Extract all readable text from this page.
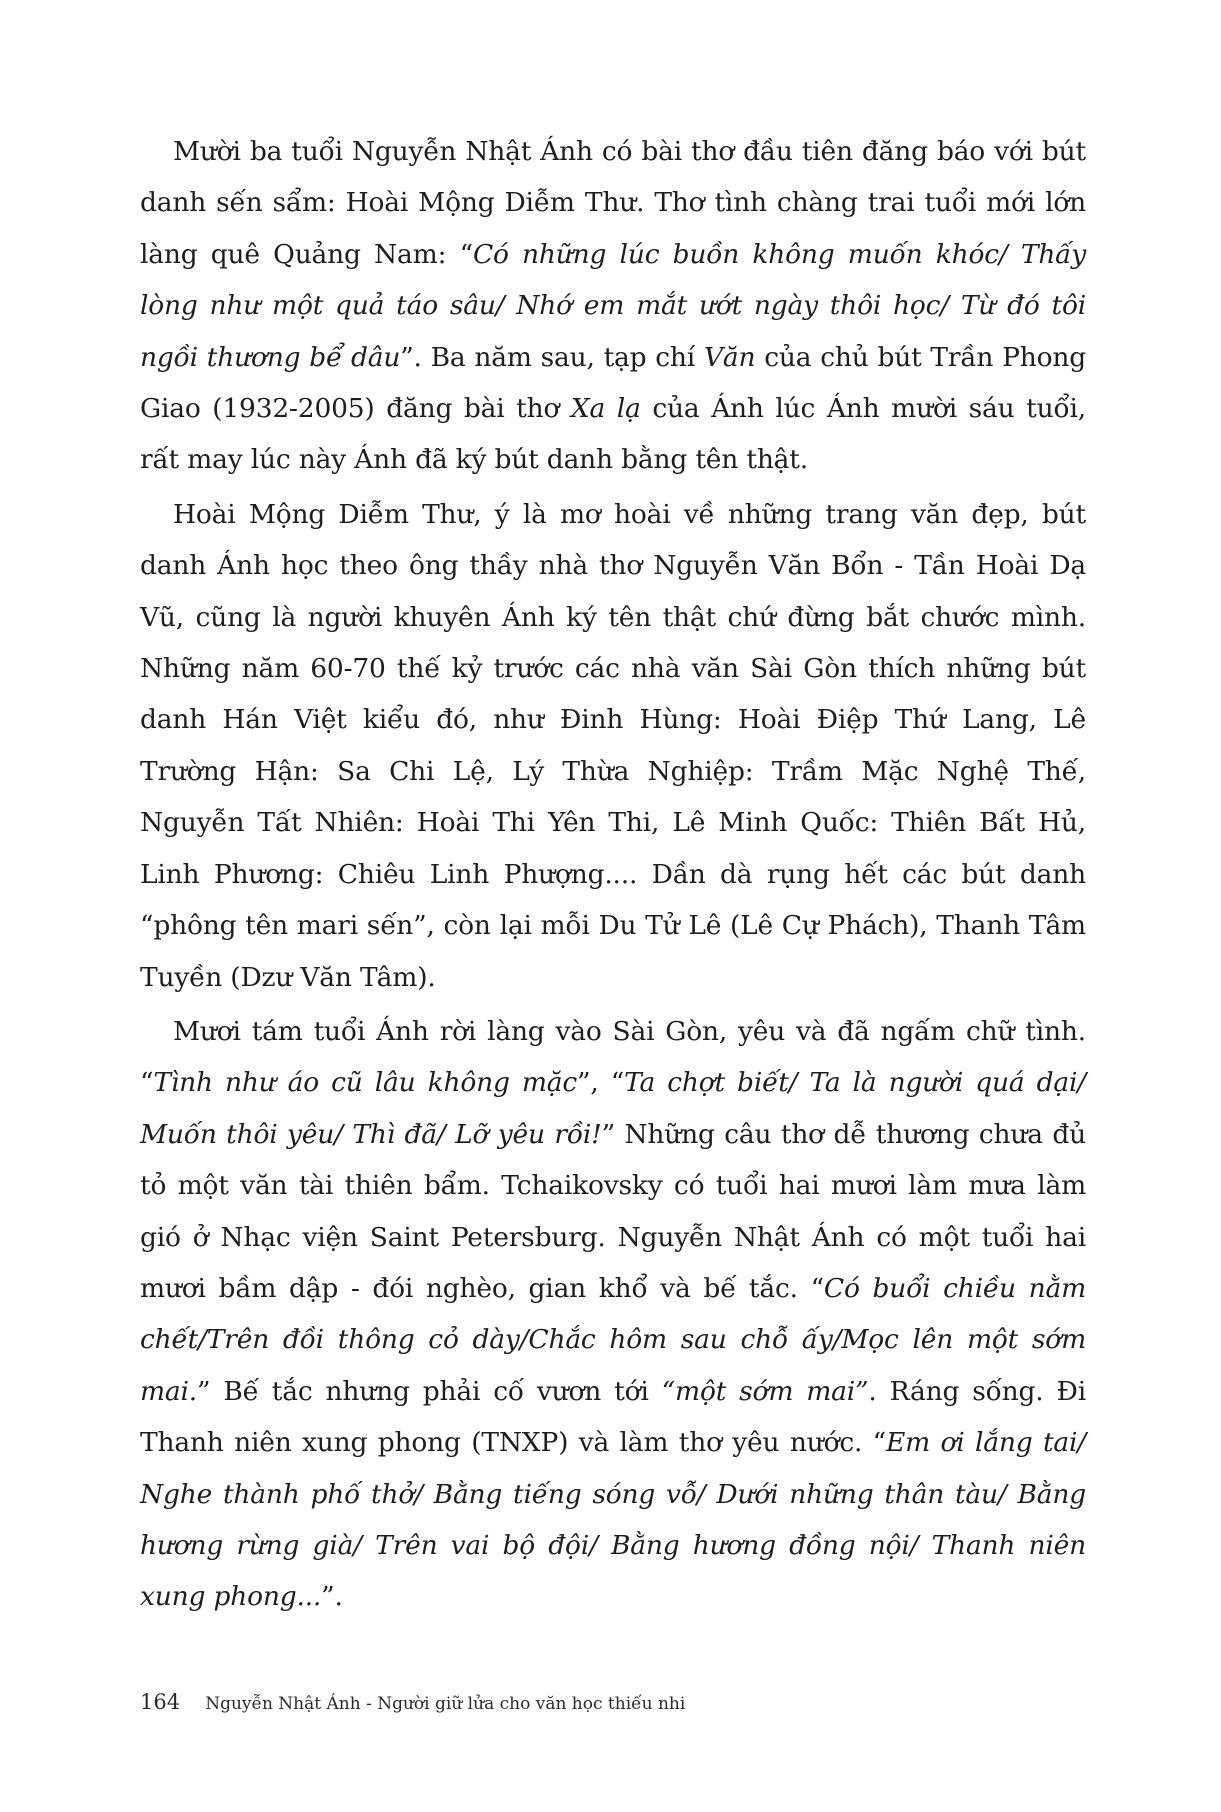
Mười ba tuổi Nguyễn Nhật Ánh có bài thơ đầu tiên đăng báo với bút danh sến sẩm: Hoài Mộng Diễm Thư. Thơ tình chàng trai tuổi mới lớn làng quê Quảng Nam: “Có những lúc buồn không muốn khóc/ Thấy lòng như một quả táo sâu/ Nhớ em mắt ướt ngày thôi học/ Từ đó tôi ngồi thương bể dâu”. Ba năm sau, tạp chí Văn của chủ bút Trần Phong Giao (1932-2005) đăng bài thơ Xa lạ của Ánh lúc Ánh mười sáu tuổi, rất may lúc này Ánh đã ký bút danh bằng tên thật.

Hoài Mộng Diễm Thư, ý là mơ hoài về những trang văn đẹp, bút danh Ánh học theo ông thầy nhà thơ Nguyễn Văn Bổn - Tần Hoài Dạ Vũ, cũng là người khuyên Ánh ký tên thật chứ đừng bắt chước mình. Những năm 60-70 thế kỷ trước các nhà văn Sài Gòn thích những bút danh Hán Việt kiểu đó, như Đinh Hùng: Hoài Điệp Thứ Lang, Lê Trường Hận: Sa Chi Lệ, Lý Thừa Nghiệp: Trầm Mặc Nghệ Thế, Nguyễn Tất Nhiên: Hoài Thi Yên Thi, Lê Minh Quốc: Thiên Bất Hủ, Linh Phương: Chiêu Linh Phượng.... Dần dà rụng hết các bút danh “phông tên mari sến”, còn lại mỗi Du Tử Lê (Lê Cự Phách), Thanh Tâm Tuyền (Dzư Văn Tâm).

Mươi tám tuổi Ánh rời làng vào Sài Gòn, yêu và đã ngấm chữ tình. “Tình như áo cũ lâu không mặc”, “Ta chợt biết/ Ta là người quá dại/ Muốn thôi yêu/ Thì đã/ Lỡ yêu rồi!” Những câu thơ dễ thương chưa đủ tỏ một văn tài thiên bẩm. Tchaikovsky có tuổi hai mươi làm mưa làm gió ở Nhạc viện Saint Petersburg. Nguyễn Nhật Ánh có một tuổi hai mươi bầm dập - đói nghèo, gian khổ và bế tắc. “Có buổi chiều nằm chết/Trên đồi thông cỏ dày/Chắc hôm sau chỗ ấy/Mọc lên một sớm mai.” Bế tắc nhưng phải cố vươn tới “một sớm mai”. Ráng sống. Đi Thanh niên xung phong (TNXP) và làm thơ yêu nước. “Em ơi lắng tai/ Nghe thành phố thở/ Bằng tiếng sóng vỗ/ Dưới những thân tàu/ Bằng hương rừng già/ Trên vai bộ đội/ Bằng hương đồng nội/ Thanh niên xung phong...”.

164 Nguyễn Nhật Ánh - Người giữ lửa cho văn học thiếu nhi
